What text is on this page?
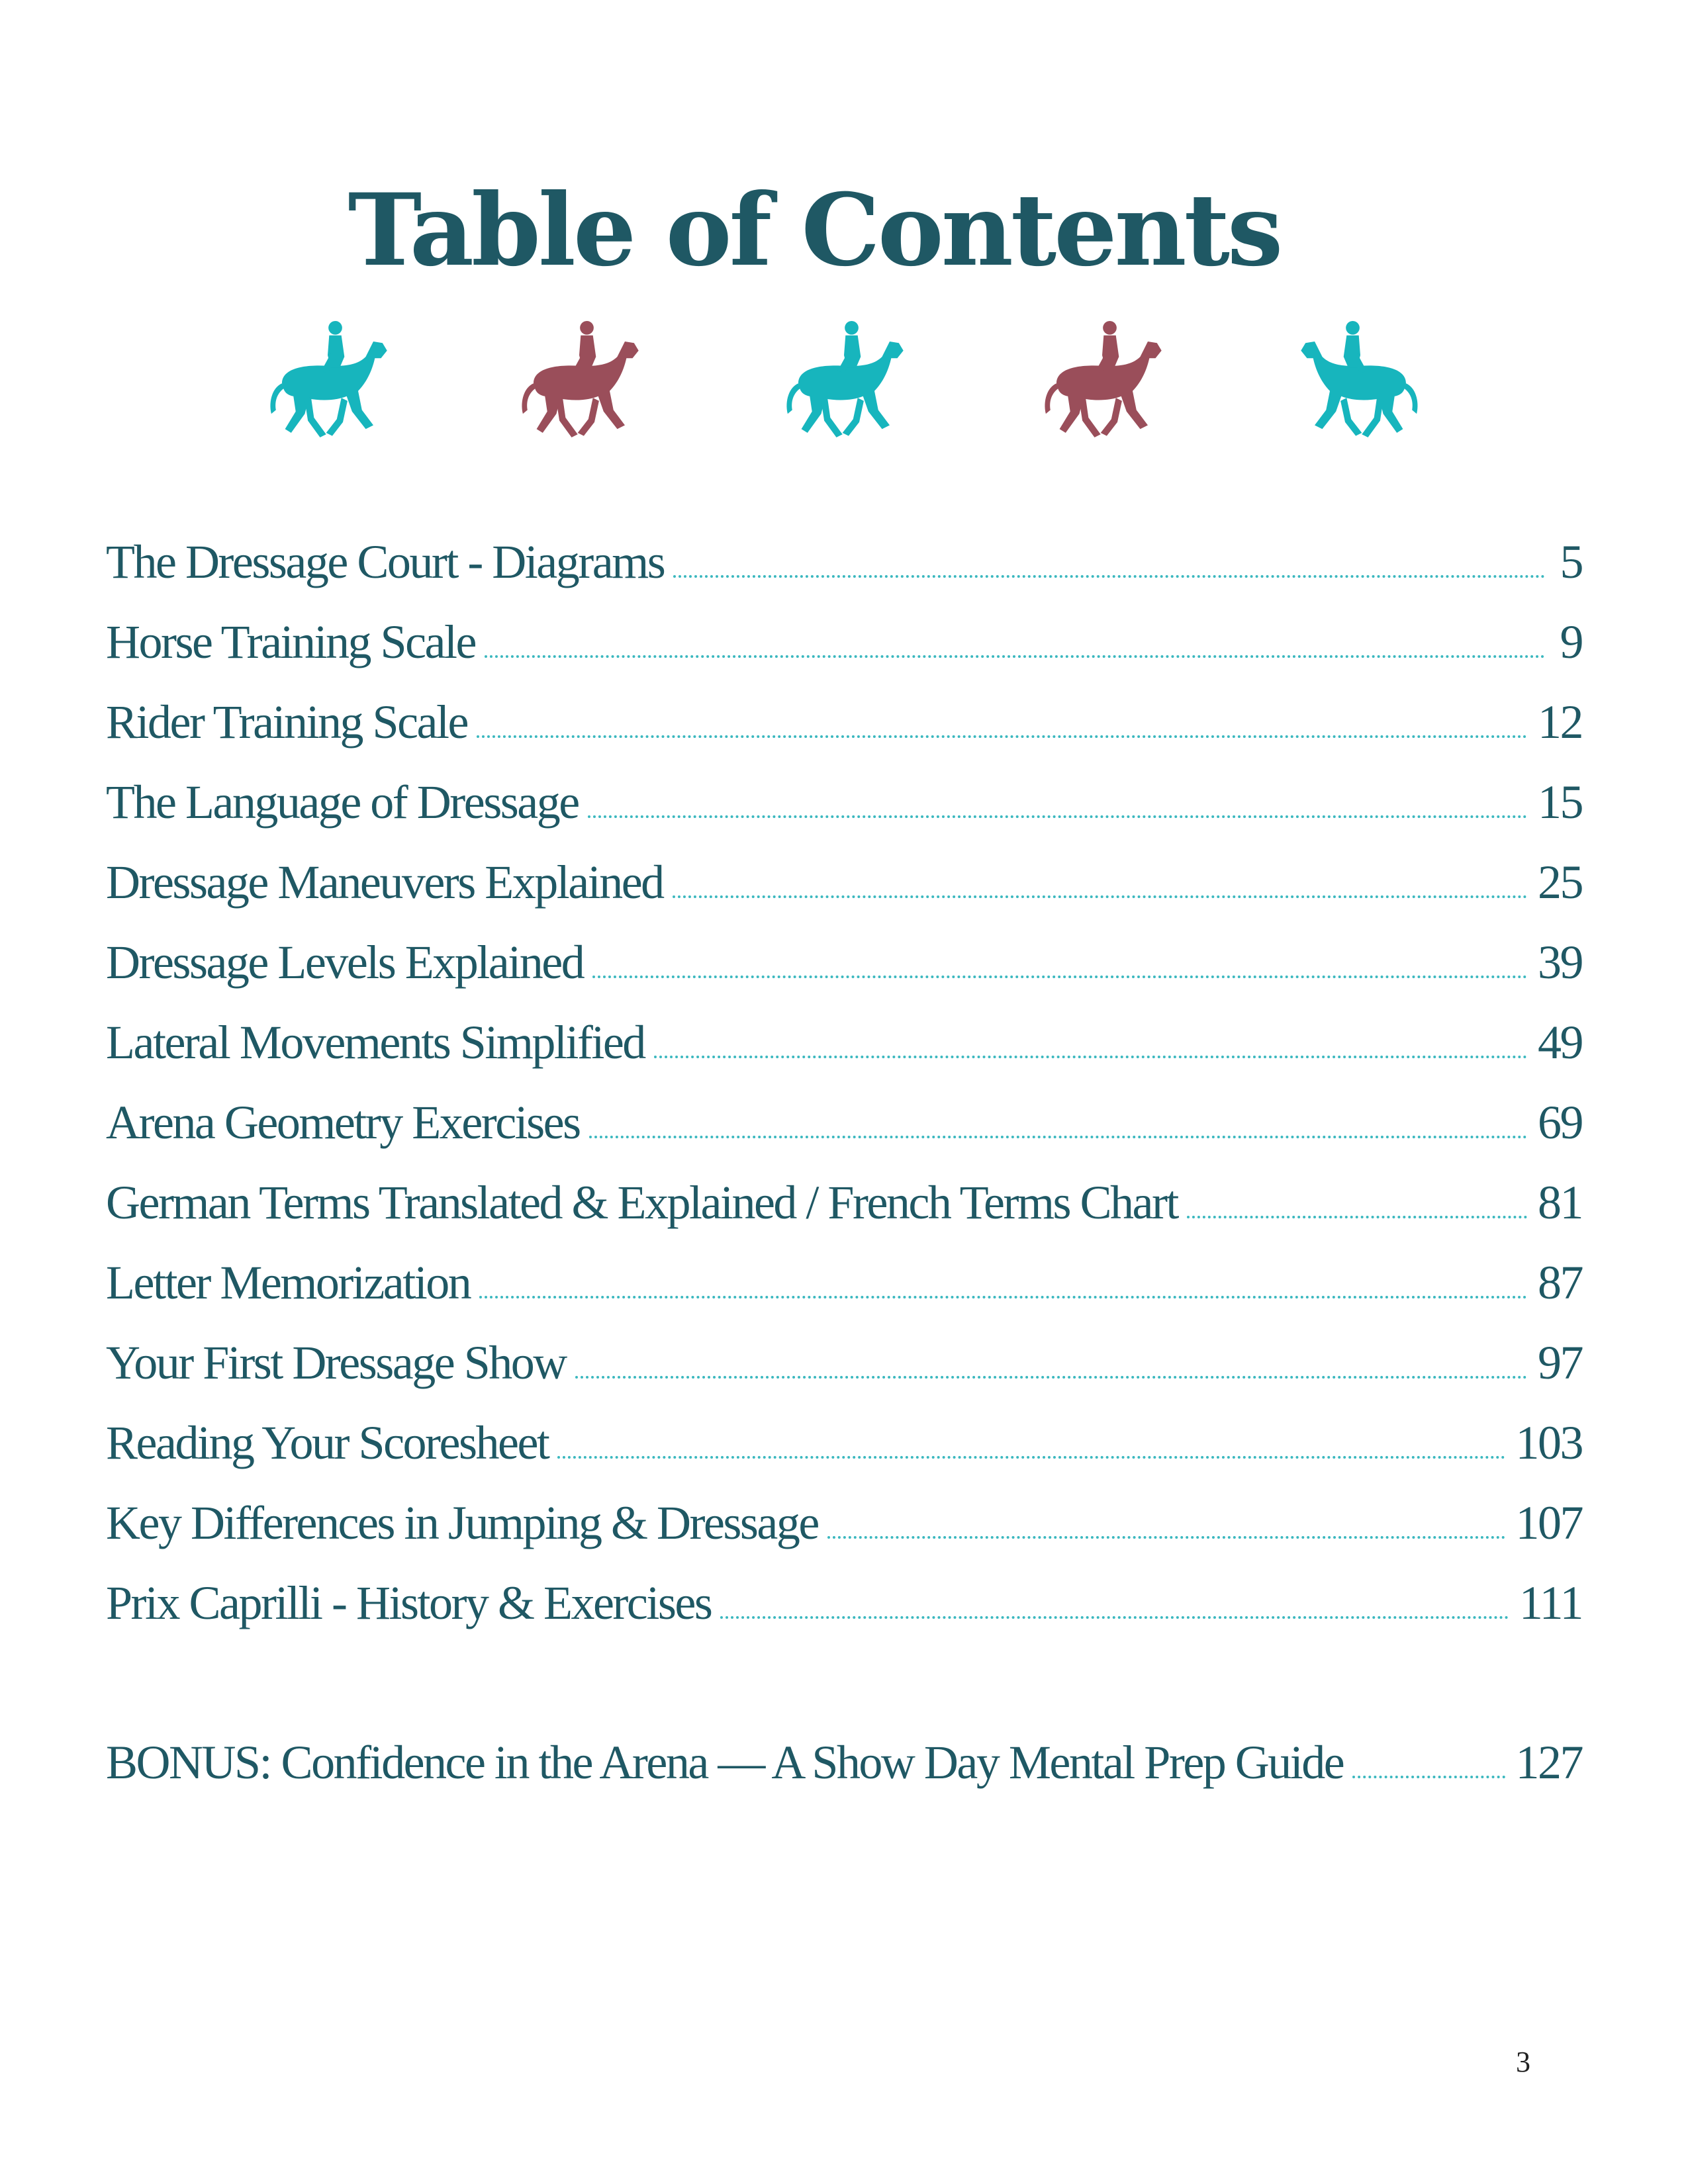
Table of Contents
The Dressage Court - Diagrams	5
Horse Training Scale	9
Rider Training Scale	12
The Language of Dressage	15
Dressage Maneuvers Explained	25
Dressage Levels Explained	39
Lateral Movements Simplified	49
Arena Geometry Exercises	69
German Terms Translated & Explained / French Terms Chart	81
Letter Memorization	87
Your First Dressage Show	97
Reading Your Scoresheet	103
Key Differences in Jumping & Dressage	107
Prix Caprilli - History & Exercises	111
BONUS: Confidence in the Arena — A Show Day Mental Prep Guide	127
3
